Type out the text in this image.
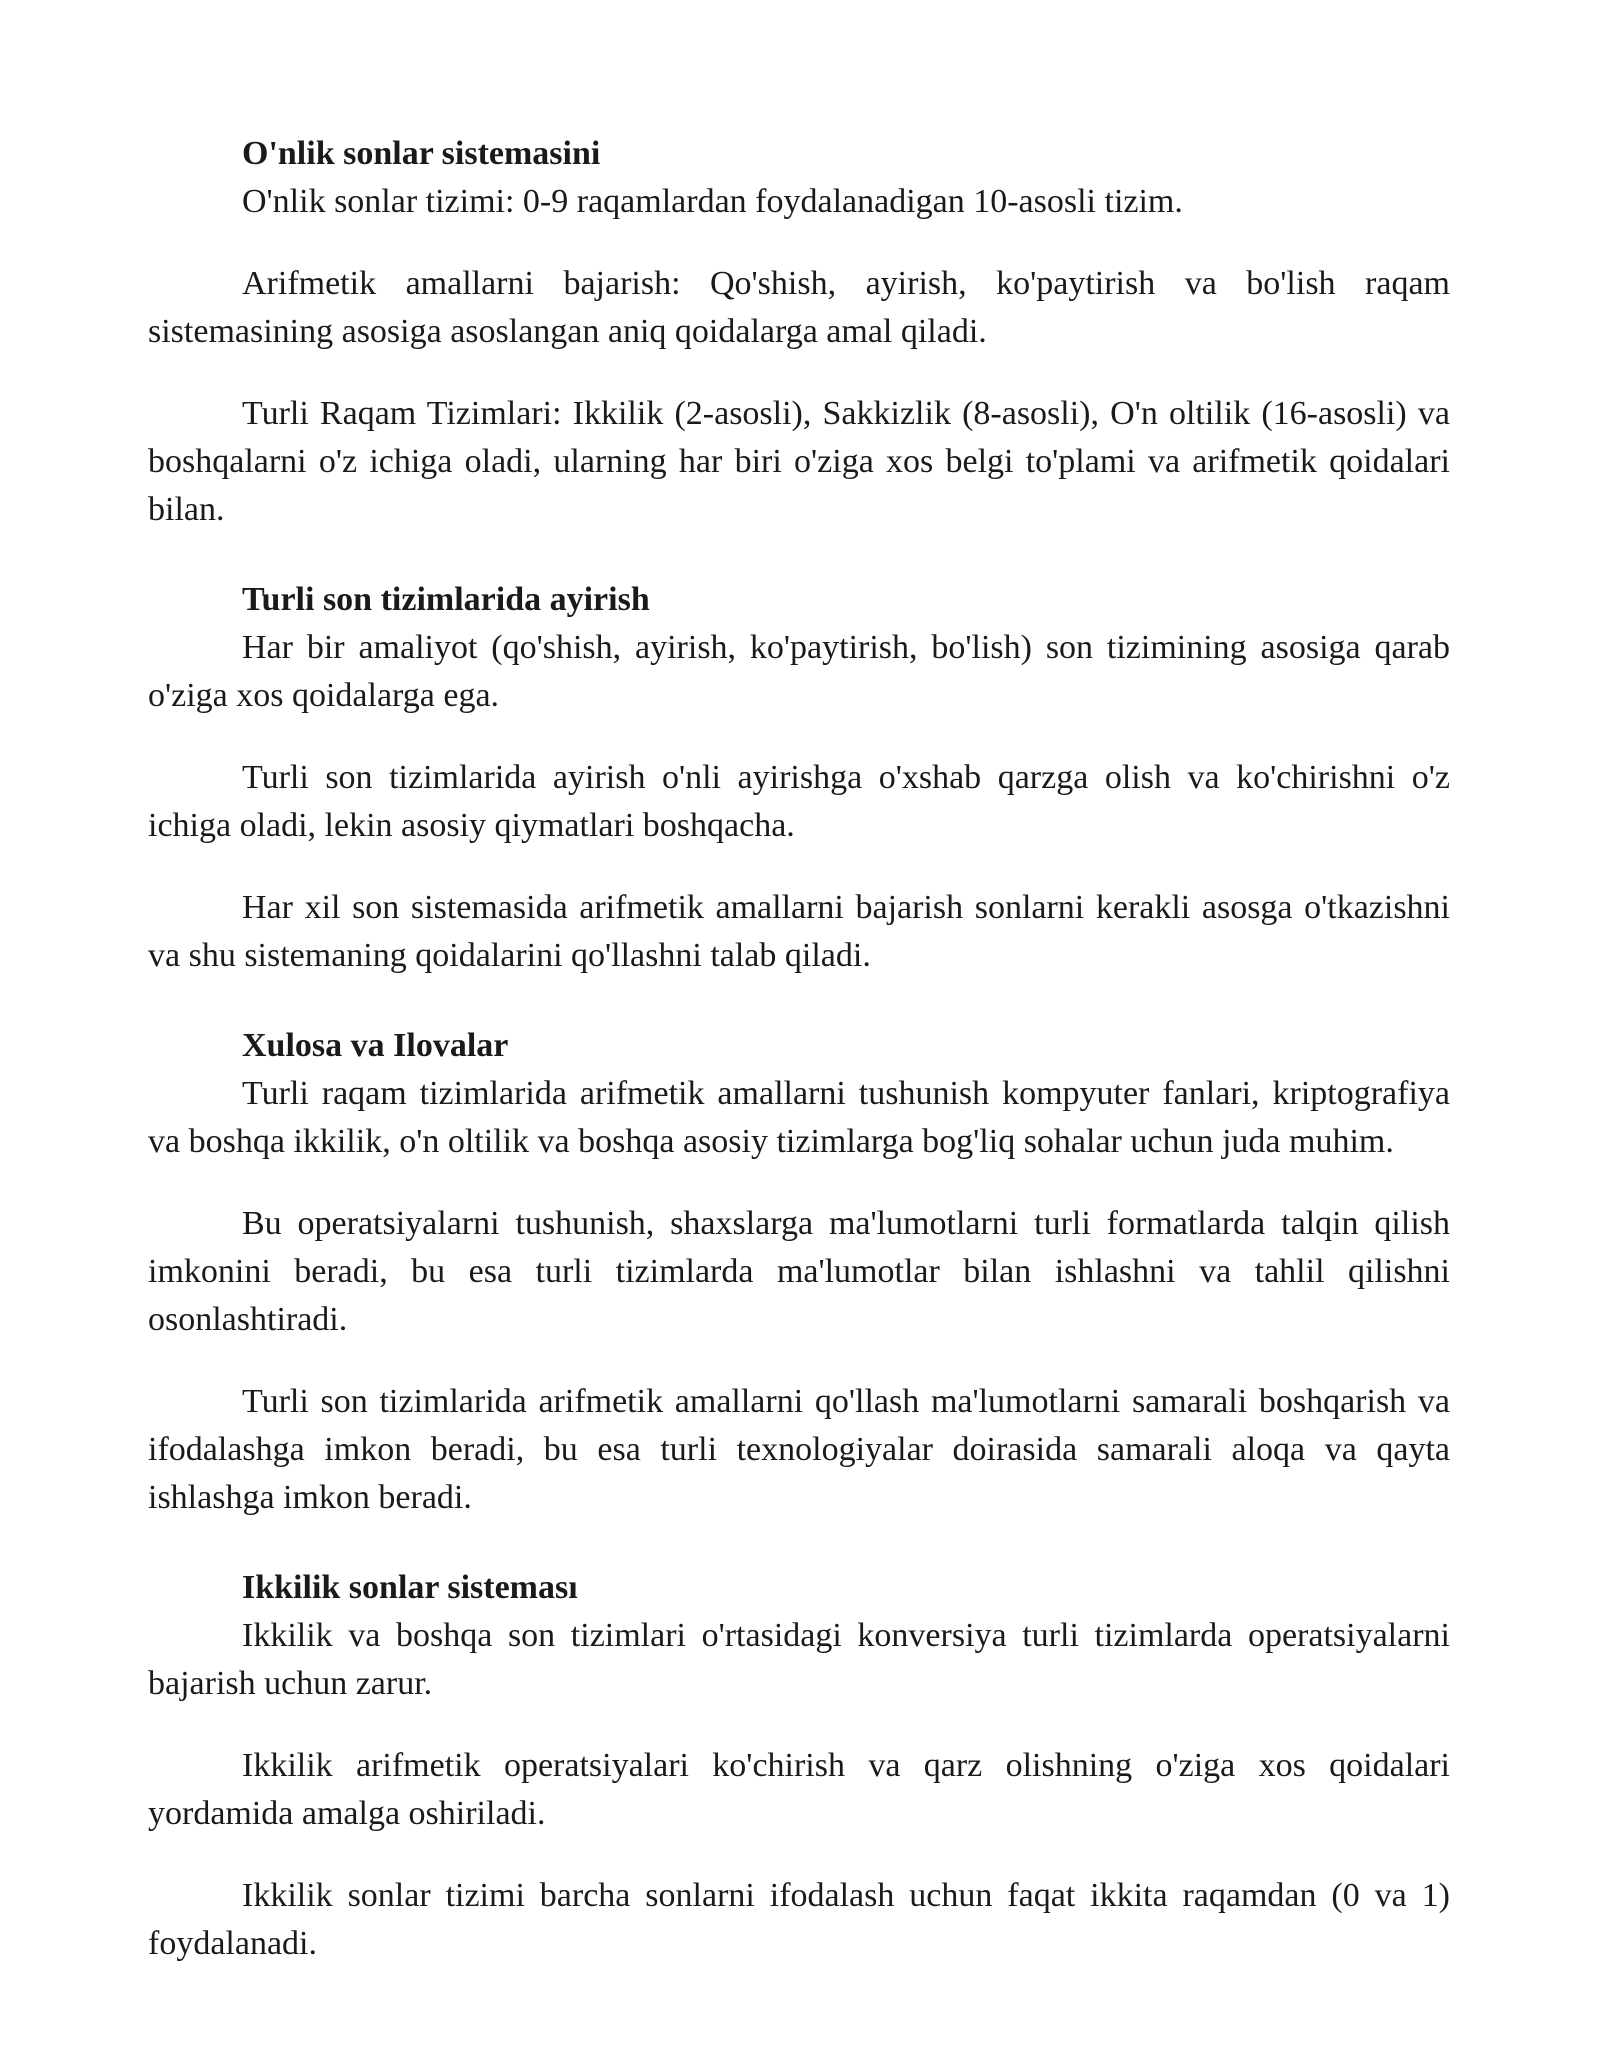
O'nlik sonlar sistemasini

O'nlik sonlar tizimi: 0-9 raqamlardan foydalanadigan 10-asosli tizim.

Arifmetik amallarni bajarish: Qo'shish, ayirish, ko'paytirish va bo'lish raqam sistemasining asosiga asoslangan aniq qoidalarga amal qiladi.

Turli Raqam Tizimlari: Ikkilik (2-asosli), Sakkizlik (8-asosli), O'n oltilik (16-asosli) va boshqalarni o'z ichiga oladi, ularning har biri o'ziga xos belgi to'plami va arifmetik qoidalari bilan.

Turli son tizimlarida ayirish

Har bir amaliyot (qo'shish, ayirish, ko'paytirish, bo'lish) son tizimining asosiga qarab o'ziga xos qoidalarga ega.

Turli son tizimlarida ayirish o'nli ayirishga o'xshab qarzga olish va ko'chirishni o'z ichiga oladi, lekin asosiy qiymatlari boshqacha.

Har xil son sistemasida arifmetik amallarni bajarish sonlarni kerakli asosga o'tkazishni va shu sistemaning qoidalarini qo'llashni talab qiladi.

Xulosa va Ilovalar

Turli raqam tizimlarida arifmetik amallarni tushunish kompyuter fanlari, kriptografiya va boshqa ikkilik, o'n oltilik va boshqa asosiy tizimlarga bog'liq sohalar uchun juda muhim.

Bu operatsiyalarni tushunish, shaxslarga ma'lumotlarni turli formatlarda talqin qilish imkonini beradi, bu esa turli tizimlarda ma'lumotlar bilan ishlashni va tahlil qilishni osonlashtiradi.

Turli son tizimlarida arifmetik amallarni qo'llash ma'lumotlarni samarali boshqarish va ifodalashga imkon beradi, bu esa turli texnologiyalar doirasida samarali aloqa va qayta ishlashga imkon beradi.

Ikkilik sonlar sisteması

Ikkilik va boshqa son tizimlari o'rtasidagi konversiya turli tizimlarda operatsiyalarni bajarish uchun zarur.

Ikkilik arifmetik operatsiyalari ko'chirish va qarz olishning o'ziga xos qoidalari yordamida amalga oshiriladi.

Ikkilik sonlar tizimi barcha sonlarni ifodalash uchun faqat ikkita raqamdan (0 va 1) foydalanadi.
